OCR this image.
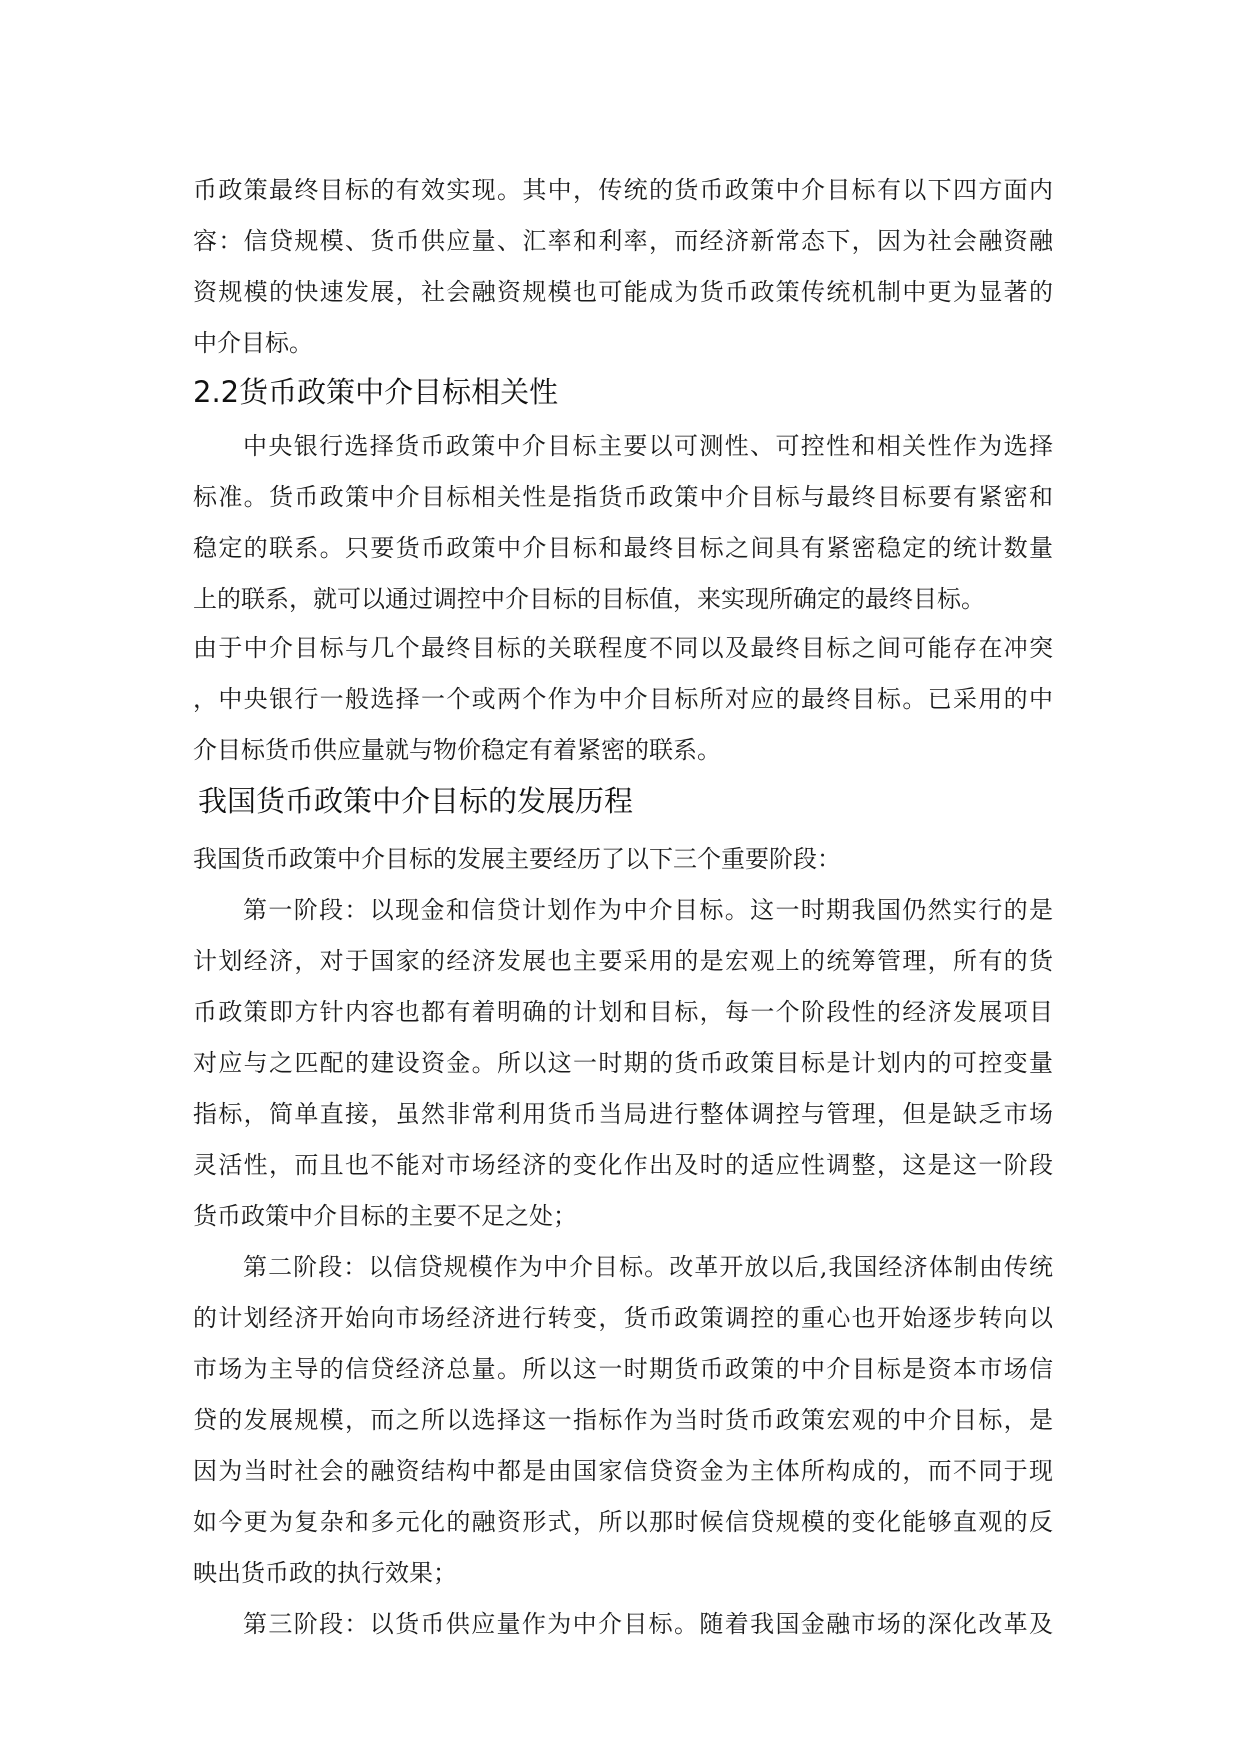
币政策最终目标的有效实现。其中，传统的货币政策中介目标有以下四方面内
容：信贷规模、货币供应量、汇率和利率，而经济新常态下，因为社会融资融
资规模的快速发展，社会融资规模也可能成为货币政策传统机制中更为显著的
中介目标。
2.2货币政策中介目标相关性
中央银行选择货币政策中介目标主要以可测性、可控性和相关性作为选择
标准。货币政策中介目标相关性是指货币政策中介目标与最终目标要有紧密和
稳定的联系。只要货币政策中介目标和最终目标之间具有紧密稳定的统计数量
上的联系，就可以通过调控中介目标的目标值，来实现所确定的最终目标。
由于中介目标与几个最终目标的关联程度不同以及最终目标之间可能存在冲突
，中央银行一般选择一个或两个作为中介目标所对应的最终目标。已采用的中
介目标货币供应量就与物价稳定有着紧密的联系。
我国货币政策中介目标的发展历程
我国货币政策中介目标的发展主要经历了以下三个重要阶段：
第一阶段：以现金和信贷计划作为中介目标。这一时期我国仍然实行的是
计划经济，对于国家的经济发展也主要采用的是宏观上的统筹管理，所有的货
币政策即方针内容也都有着明确的计划和目标，每一个阶段性的经济发展项目
对应与之匹配的建设资金。所以这一时期的货币政策目标是计划内的可控变量
指标，简单直接，虽然非常利用货币当局进行整体调控与管理，但是缺乏市场
灵活性，而且也不能对市场经济的变化作出及时的适应性调整，这是这一阶段
货币政策中介目标的主要不足之处；
第二阶段：以信贷规模作为中介目标。改革开放以后,我国经济体制由传统
的计划经济开始向市场经济进行转变，货币政策调控的重心也开始逐步转向以
市场为主导的信贷经济总量。所以这一时期货币政策的中介目标是资本市场信
贷的发展规模，而之所以选择这一指标作为当时货币政策宏观的中介目标，是
因为当时社会的融资结构中都是由国家信贷资金为主体所构成的，而不同于现
如今更为复杂和多元化的融资形式，所以那时候信贷规模的变化能够直观的反
映出货币政的执行效果；
第三阶段：以货币供应量作为中介目标。随着我国金融市场的深化改革及
